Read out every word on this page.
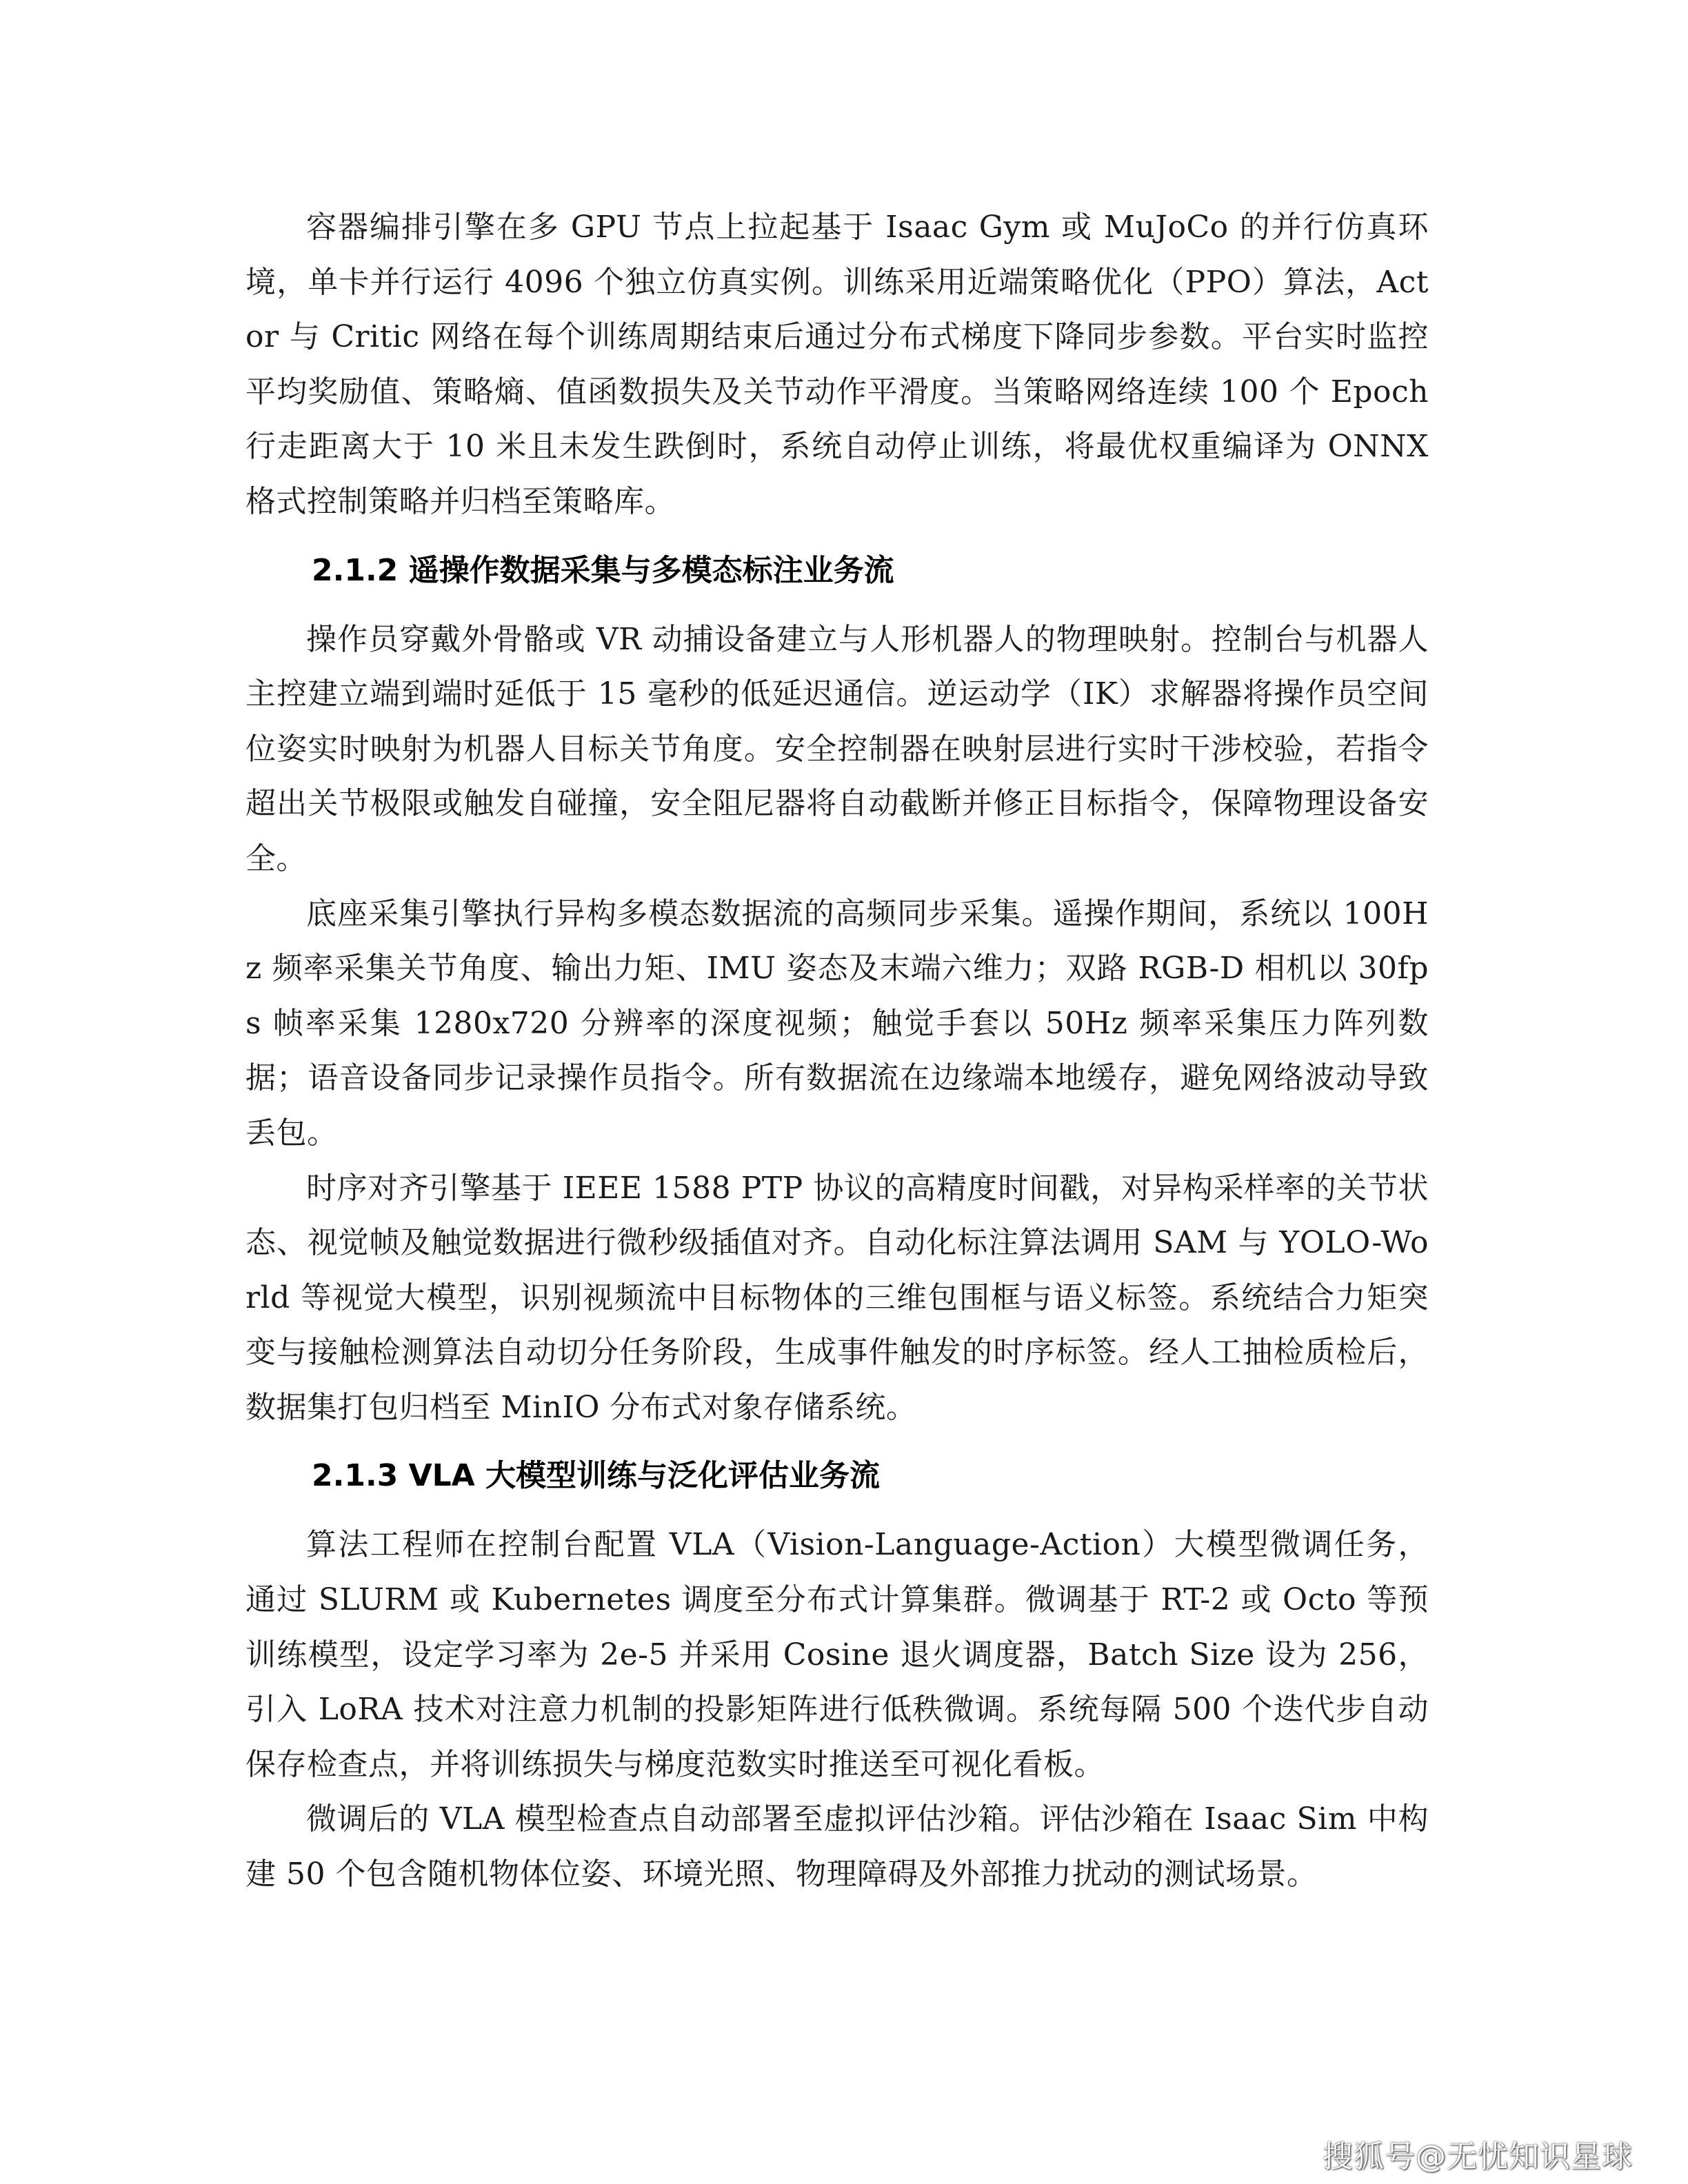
容器编排引擎在多 GPU 节点上拉起基于 Isaac Gym 或 MuJoCo 的并行仿真环境，单卡并行运行 4096 个独立仿真实例。训练采用近端策略优化（PPO）算法，Actor 与 Critic 网络在每个训练周期结束后通过分布式梯度下降同步参数。平台实时监控平均奖励值、策略熵、值函数损失及关节动作平滑度。当策略网络连续 100 个 Epoch 行走距离大于 10 米且未发生跌倒时，系统自动停止训练，将最优权重编译为 ONNX 格式控制策略并归档至策略库。

2.1.2 遥操作数据采集与多模态标注业务流

操作员穿戴外骨骼或 VR 动捕设备建立与人形机器人的物理映射。控制台与机器人主控建立端到端时延低于 15 毫秒的低延迟通信。逆运动学（IK）求解器将操作员空间位姿实时映射为机器人目标关节角度。安全控制器在映射层进行实时干涉校验，若指令超出关节极限或触发自碰撞，安全阻尼器将自动截断并修正目标指令，保障物理设备安全。

底座采集引擎执行异构多模态数据流的高频同步采集。遥操作期间，系统以 100Hz 频率采集关节角度、输出力矩、IMU 姿态及末端六维力；双路 RGB-D 相机以 30fps 帧率采集 1280x720 分辨率的深度视频；触觉手套以 50Hz 频率采集压力阵列数据；语音设备同步记录操作员指令。所有数据流在边缘端本地缓存，避免网络波动导致丢包。

时序对齐引擎基于 IEEE 1588 PTP 协议的高精度时间戳，对异构采样率的关节状态、视觉帧及触觉数据进行微秒级插值对齐。自动化标注算法调用 SAM 与 YOLO-World 等视觉大模型，识别视频流中目标物体的三维包围框与语义标签。系统结合力矩突变与接触检测算法自动切分任务阶段，生成事件触发的时序标签。经人工抽检质检后，数据集打包归档至 MinIO 分布式对象存储系统。

2.1.3 VLA 大模型训练与泛化评估业务流

算法工程师在控制台配置 VLA（Vision-Language-Action）大模型微调任务，通过 SLURM 或 Kubernetes 调度至分布式计算集群。微调基于 RT-2 或 Octo 等预训练模型，设定学习率为 2e-5 并采用 Cosine 退火调度器，Batch Size 设为 256，引入 LoRA 技术对注意力机制的投影矩阵进行低秩微调。系统每隔 500 个迭代步自动保存检查点，并将训练损失与梯度范数实时推送至可视化看板。

微调后的 VLA 模型检查点自动部署至虚拟评估沙箱。评估沙箱在 Isaac Sim 中构建 50 个包含随机物体位姿、环境光照、物理障碍及外部推力扰动的测试场景。

搜狐号@无忧知识星球
